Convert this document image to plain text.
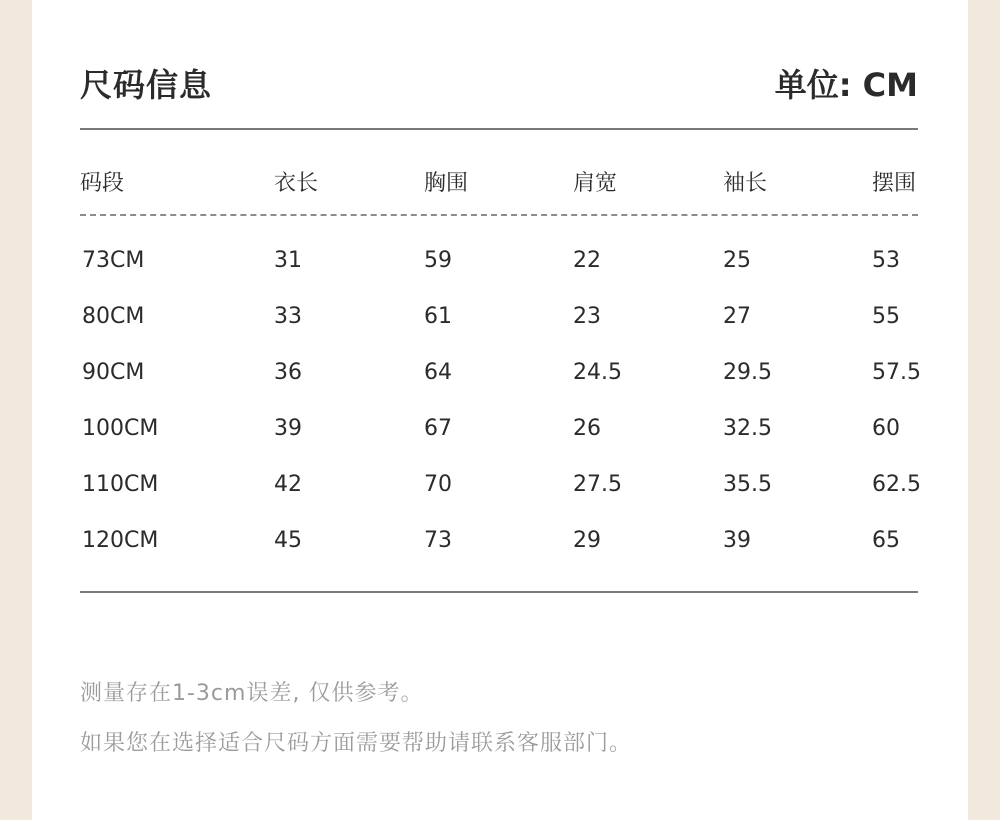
尺码信息	单位: CM
码段	衣长	胸围	肩宽	袖长	摆围
73CM	31	59	22	25	53
80CM	33	61	23	27	55
90CM	36	64	24.5	29.5	57.5
100CM	39	67	26	32.5	60
110CM	42	70	27.5	35.5	62.5
120CM	45	73	29	39	65
测量存在1-3cm误差, 仅供参考。
如果您在选择适合尺码方面需要帮助请联系客服部门。
